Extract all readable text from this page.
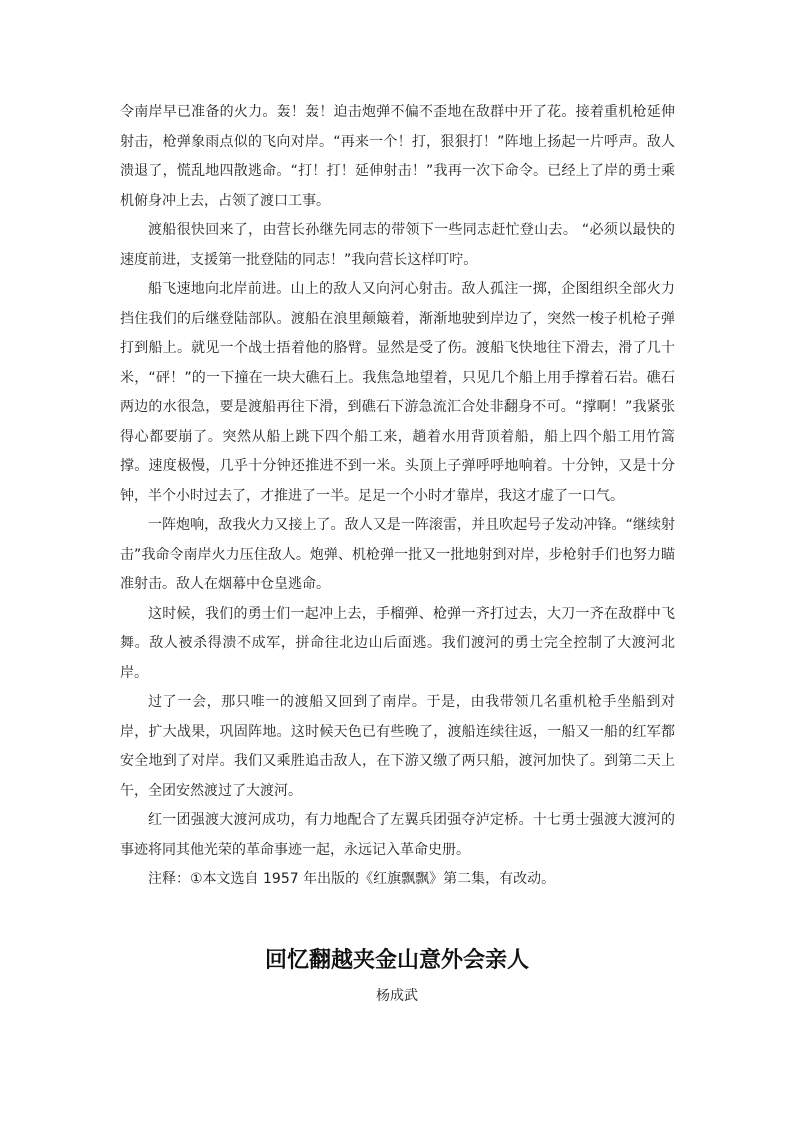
令南岸早已准备的火力。轰！轰！迫击炮弹不偏不歪地在敌群中开了花。接着重机枪延伸射击，枪弹象雨点似的飞向对岸。“再来一个！打，狠狠打！”阵地上扬起一片呼声。敌人溃退了，慌乱地四散逃命。“打！打！延伸射击！”我再一次下命令。已经上了岸的勇士乘机俯身冲上去，占领了渡口工事。

渡船很快回来了，由营长孙继先同志的带领下一些同志赶忙登山去。 “必须以最快的速度前进，支援第一批登陆的同志！”我向营长这样叮咛。

船飞速地向北岸前进。山上的敌人又向河心射击。敌人孤注一掷，企图组织全部火力挡住我们的后继登陆部队。渡船在浪里颠簸着，渐渐地驶到岸边了，突然一梭子机枪子弹打到船上。就见一个战士捂着他的胳臂。显然是受了伤。渡船飞快地往下滑去，滑了几十米，“砰！”的一下撞在一块大礁石上。我焦急地望着，只见几个船上用手撑着石岩。礁石两边的水很急，要是渡船再往下滑，到礁石下游急流汇合处非翻身不可。“撑啊！”我紧张得心都要崩了。突然从船上跳下四个船工来，趟着水用背顶着船，船上四个船工用竹篙撑。速度极慢，几乎十分钟还推进不到一米。头顶上子弹呼呼地响着。十分钟，又是十分钟，半个小时过去了，才推进了一半。足足一个小时才靠岸，我这才虚了一口气。

一阵炮响，敌我火力又接上了。敌人又是一阵滚雷，并且吹起号子发动冲锋。“继续射击”我命令南岸火力压住敌人。炮弹、机枪弹一批又一批地射到对岸，步枪射手们也努力瞄准射击。敌人在烟幕中仓皇逃命。

这时候，我们的勇士们一起冲上去，手榴弹、枪弹一齐打过去，大刀一齐在敌群中飞舞。敌人被杀得溃不成军，拼命往北边山后面逃。我们渡河的勇士完全控制了大渡河北岸。

过了一会，那只唯一的渡船又回到了南岸。于是，由我带领几名重机枪手坐船到对岸，扩大战果，巩固阵地。这时候天色已有些晚了，渡船连续往返，一船又一船的红军都安全地到了对岸。我们又乘胜追击敌人，在下游又缴了两只船，渡河加快了。到第二天上午，全团安然渡过了大渡河。

红一团强渡大渡河成功，有力地配合了左翼兵团强夺泸定桥。十七勇士强渡大渡河的事迹将同其他光荣的革命事迹一起，永远记入革命史册。

注释：①本文选自 1957 年出版的《红旗飘飘》第二集，有改动。

回忆翻越夹金山意外会亲人
杨成武
